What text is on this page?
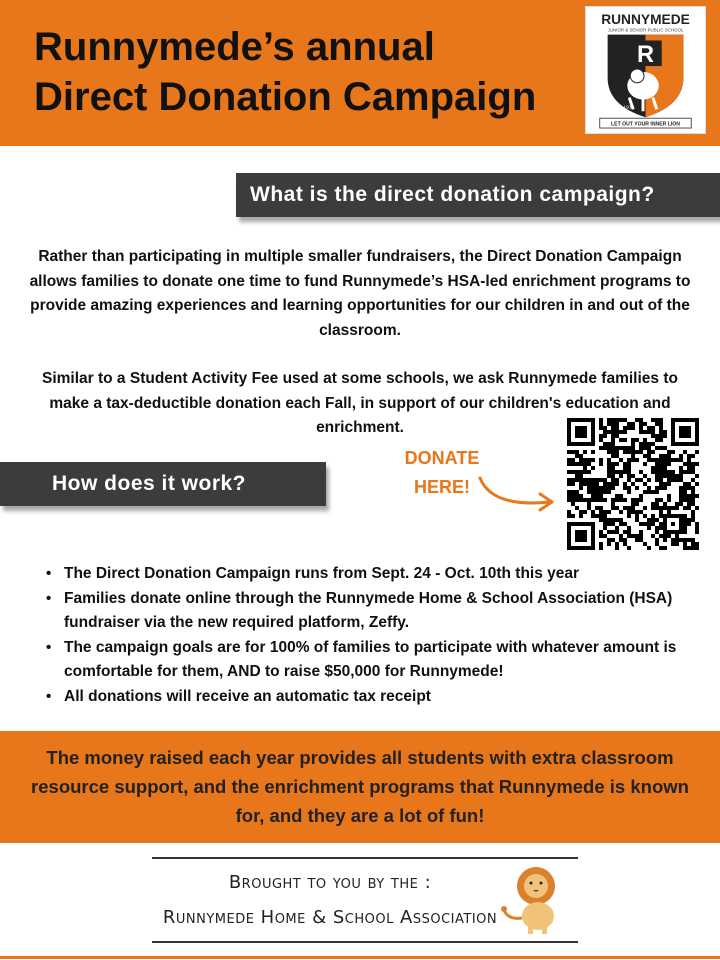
Runnymede’s annual
Direct Donation Campaign
RUNNYMEDE
JUNIOR & SENIOR PUBLIC SCHOOL
R
1916
LET OUT YOUR INNER LION
What is the direct donation campaign?

Rather than participating in multiple smaller fundraisers, the Direct Donation Campaign allows families to donate one time to fund Runnymede’s HSA-led enrichment programs to provide amazing experiences and learning opportunities for our children in and out of the classroom.

Similar to a Student Activity Fee used at some schools, we ask Runnymede families to make a tax-deductible donation each Fall, in support of our children's education and enrichment.

How does it work?
DONATE
HERE!
• The Direct Donation Campaign runs from Sept. 24 - Oct. 10th this year
• Families donate online through the Runnymede Home & School Association (HSA) fundraiser via the new required platform, Zeffy.
• The campaign goals are for 100% of families to participate with whatever amount is comfortable for them, AND to raise $50,000 for Runnymede!
• All donations will receive an automatic tax receipt

The money raised each year provides all students with extra classroom resource support, and the enrichment programs that Runnymede is known for, and they are a lot of fun!

Brought to you by the :
Runnymede Home & School Association
